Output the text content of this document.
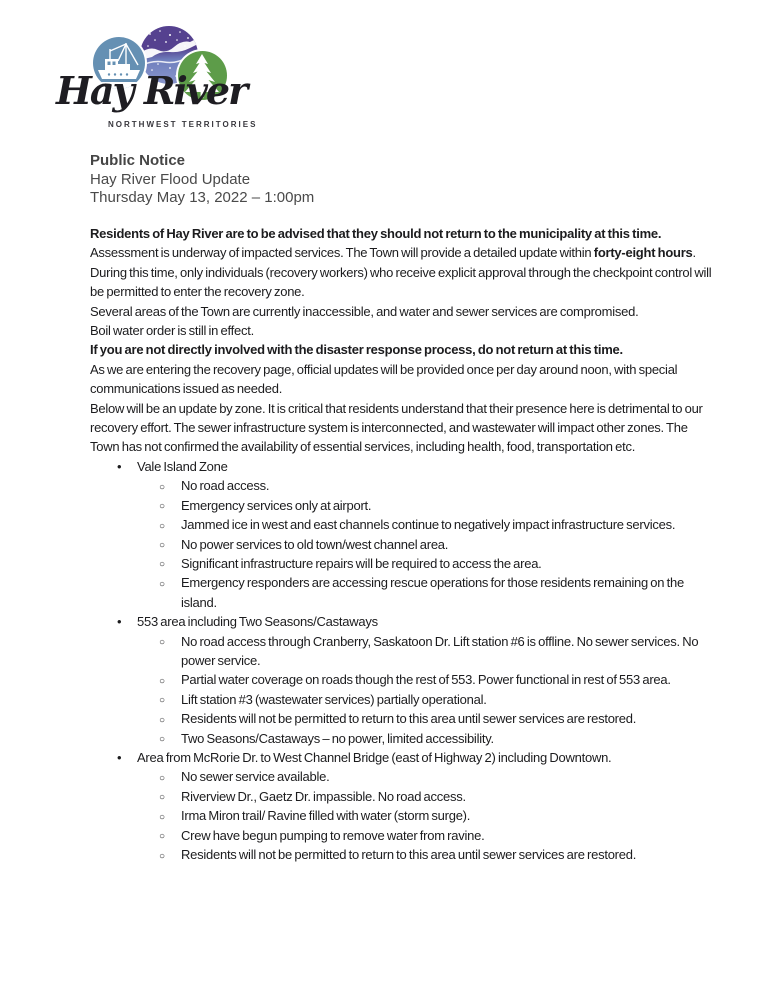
Hay River
NORTHWEST TERRITORIES
Public Notice
Hay River Flood Update
Thursday May 13, 2022 – 1:00pm
Residents of Hay River are to be advised that they should not return to the municipality at this time.
Assessment is underway of impacted services. The Town will provide a detailed update within forty-eight hours. During this time, only individuals (recovery workers) who receive explicit approval through the checkpoint control will be permitted to enter the recovery zone.
Several areas of the Town are currently inaccessible, and water and sewer services are compromised.
Boil water order is still in effect.
If you are not directly involved with the disaster response process, do not return at this time.
As we are entering the recovery page, official updates will be provided once per day around noon, with special communications issued as needed.
Below will be an update by zone. It is critical that residents understand that their presence here is detrimental to our recovery effort. The sewer infrastructure system is interconnected, and wastewater will impact other zones. The Town has not confirmed the availability of essential services, including health, food, transportation etc.
• Vale Island Zone
○ No road access.
○ Emergency services only at airport.
○ Jammed ice in west and east channels continue to negatively impact infrastructure services.
○ No power services to old town/west channel area.
○ Significant infrastructure repairs will be required to access the area.
○ Emergency responders are accessing rescue operations for those residents remaining on the island.
• 553 area including Two Seasons/Castaways
○ No road access through Cranberry, Saskatoon Dr. Lift station #6 is offline. No sewer services. No power service.
○ Partial water coverage on roads though the rest of 553. Power functional in rest of 553 area.
○ Lift station #3 (wastewater services) partially operational.
○ Residents will not be permitted to return to this area until sewer services are restored.
○ Two Seasons/Castaways – no power, limited accessibility.
• Area from McRorie Dr. to West Channel Bridge (east of Highway 2) including Downtown.
○ No sewer service available.
○ Riverview Dr., Gaetz Dr. impassible. No road access.
○ Irma Miron trail/ Ravine filled with water (storm surge).
○ Crew have begun pumping to remove water from ravine.
○ Residents will not be permitted to return to this area until sewer services are restored.
